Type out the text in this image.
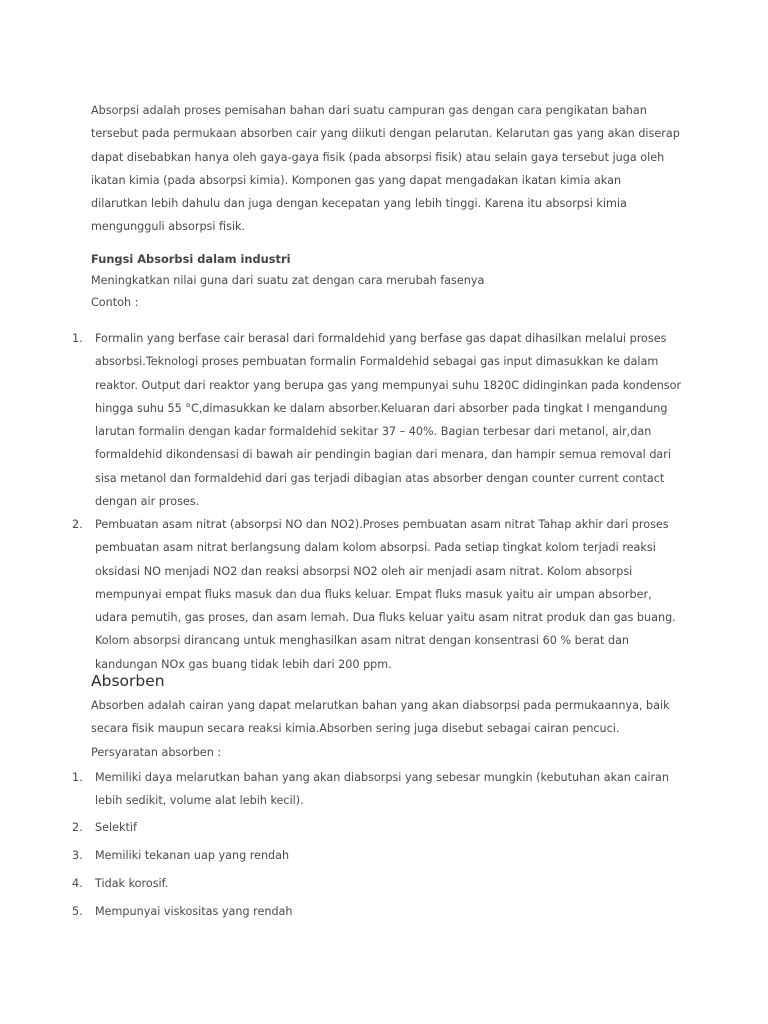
Absorpsi adalah proses pemisahan bahan dari suatu campuran gas dengan cara pengikatan bahan tersebut pada permukaan absorben cair yang diikuti dengan pelarutan. Kelarutan gas yang akan diserap dapat disebabkan hanya oleh gaya-gaya fisik (pada absorpsi fisik) atau selain gaya tersebut juga oleh ikatan kimia (pada absorpsi kimia). Komponen gas yang dapat mengadakan ikatan kimia akan dilarutkan lebih dahulu dan juga dengan kecepatan yang lebih tinggi. Karena itu absorpsi kimia mengungguli absorpsi fisik.

Fungsi Absorbsi dalam industri

Meningkatkan nilai guna dari suatu zat dengan cara merubah fasenya

Contoh :

1.	Formalin yang berfase cair berasal dari formaldehid yang berfase gas dapat dihasilkan melalui proses absorbsi.Teknologi proses pembuatan formalin Formaldehid sebagai gas input dimasukkan ke dalam reaktor. Output dari reaktor yang berupa gas yang mempunyai suhu 1820C didinginkan pada kondensor hingga suhu 55 °C,dimasukkan ke dalam absorber.Keluaran dari absorber pada tingkat I mengandung larutan formalin dengan kadar formaldehid sekitar 37 – 40%. Bagian terbesar dari metanol, air,dan formaldehid dikondensasi di bawah air pendingin bagian dari menara, dan hampir semua removal dari sisa metanol dan formaldehid dari gas terjadi dibagian atas absorber dengan counter current contact dengan air proses.
2.	Pembuatan asam nitrat (absorpsi NO dan NO2).Proses pembuatan asam nitrat Tahap akhir dari proses pembuatan asam nitrat berlangsung dalam kolom absorpsi. Pada setiap tingkat kolom terjadi reaksi oksidasi NO menjadi NO2 dan reaksi absorpsi NO2 oleh air menjadi asam nitrat. Kolom absorpsi mempunyai empat fluks masuk dan dua fluks keluar. Empat fluks masuk yaitu air umpan absorber, udara pemutih, gas proses, dan asam lemah. Dua fluks keluar yaitu asam nitrat produk dan gas buang. Kolom absorpsi dirancang untuk menghasilkan asam nitrat dengan konsentrasi 60 % berat dan kandungan NOx gas buang tidak lebih dari 200 ppm.
Absorben

Absorben adalah cairan yang dapat melarutkan bahan yang akan diabsorpsi pada permukaannya, baik secara fisik maupun secara reaksi kimia.Absorben sering juga disebut sebagai cairan pencuci.

Persyaratan absorben :

1.	Memiliki daya melarutkan bahan yang akan diabsorpsi yang sebesar mungkin (kebutuhan akan cairan lebih sedikit, volume alat lebih kecil).
2.	Selektif
3.	Memiliki tekanan uap yang rendah
4.	Tidak korosif.
5.	Mempunyai viskositas yang rendah
